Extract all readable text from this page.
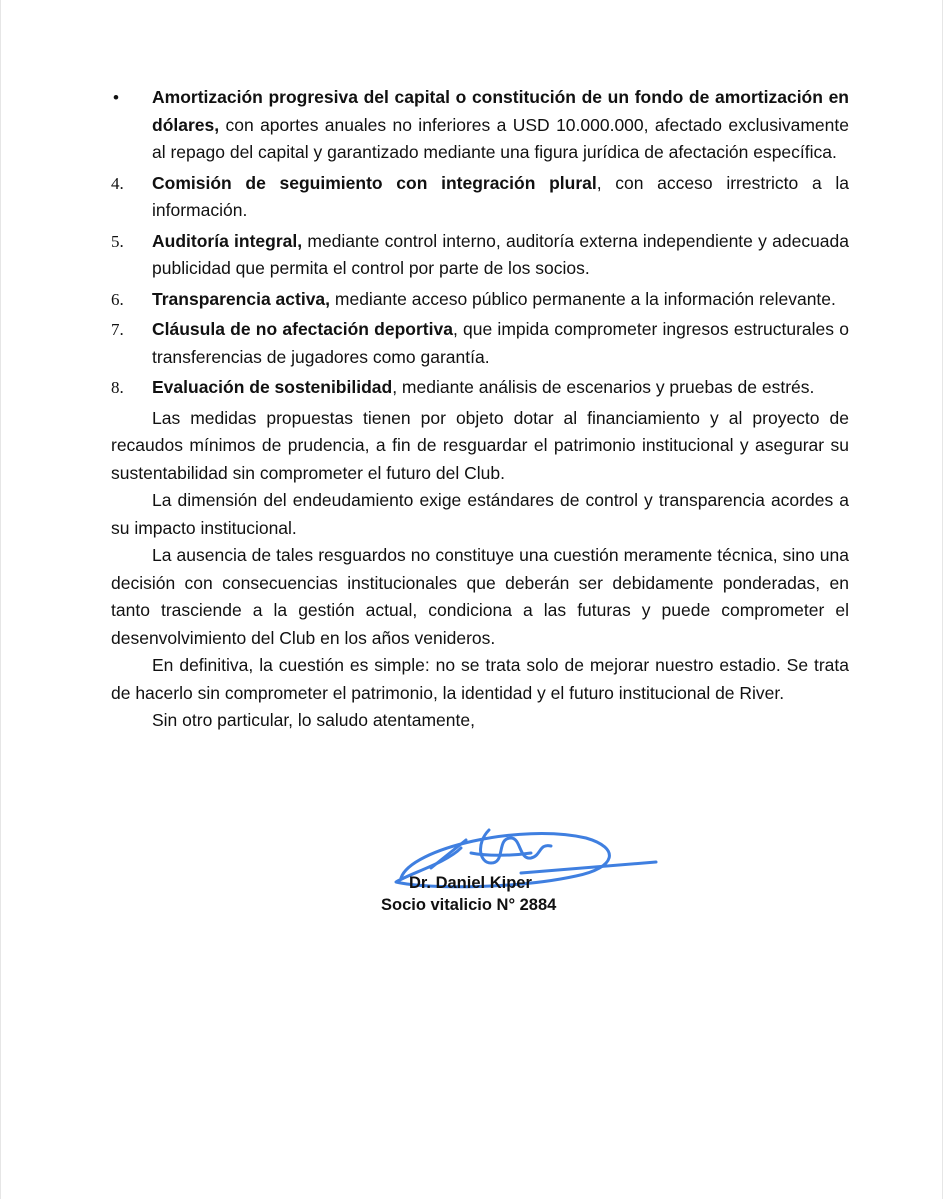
•	Amortización progresiva del capital o constitución de un fondo de amortización en dólares, con aportes anuales no inferiores a USD 10.000.000, afectado exclusivamente al repago del capital y garantizado mediante una figura jurídica de afectación específica.
4.	Comisión de seguimiento con integración plural, con acceso irrestricto a la información.
5.	Auditoría integral, mediante control interno, auditoría externa independiente y adecuada publicidad que permita el control por parte de los socios.
6.	Transparencia activa, mediante acceso público permanente a la información relevante.
7.	Cláusula de no afectación deportiva, que impida comprometer ingresos estructurales o transferencias de jugadores como garantía.
8.	Evaluación de sostenibilidad, mediante análisis de escenarios y pruebas de estrés.

Las medidas propuestas tienen por objeto dotar al financiamiento y al proyecto de recaudos mínimos de prudencia, a fin de resguardar el patrimonio institucional y asegurar su sustentabilidad sin comprometer el futuro del Club.

La dimensión del endeudamiento exige estándares de control y transparencia acordes a su impacto institucional.

La ausencia de tales resguardos no constituye una cuestión meramente técnica, sino una decisión con consecuencias institucionales que deberán ser debidamente ponderadas, en tanto trasciende a la gestión actual, condiciona a las futuras y puede comprometer el desenvolvimiento del Club en los años venideros.

En definitiva, la cuestión es simple: no se trata solo de mejorar nuestro estadio. Se trata de hacerlo sin comprometer el patrimonio, la identidad y el futuro institucional de River.

Sin otro particular, lo saludo atentamente,
Dr. Daniel Kiper
Socio vitalicio N° 2884
